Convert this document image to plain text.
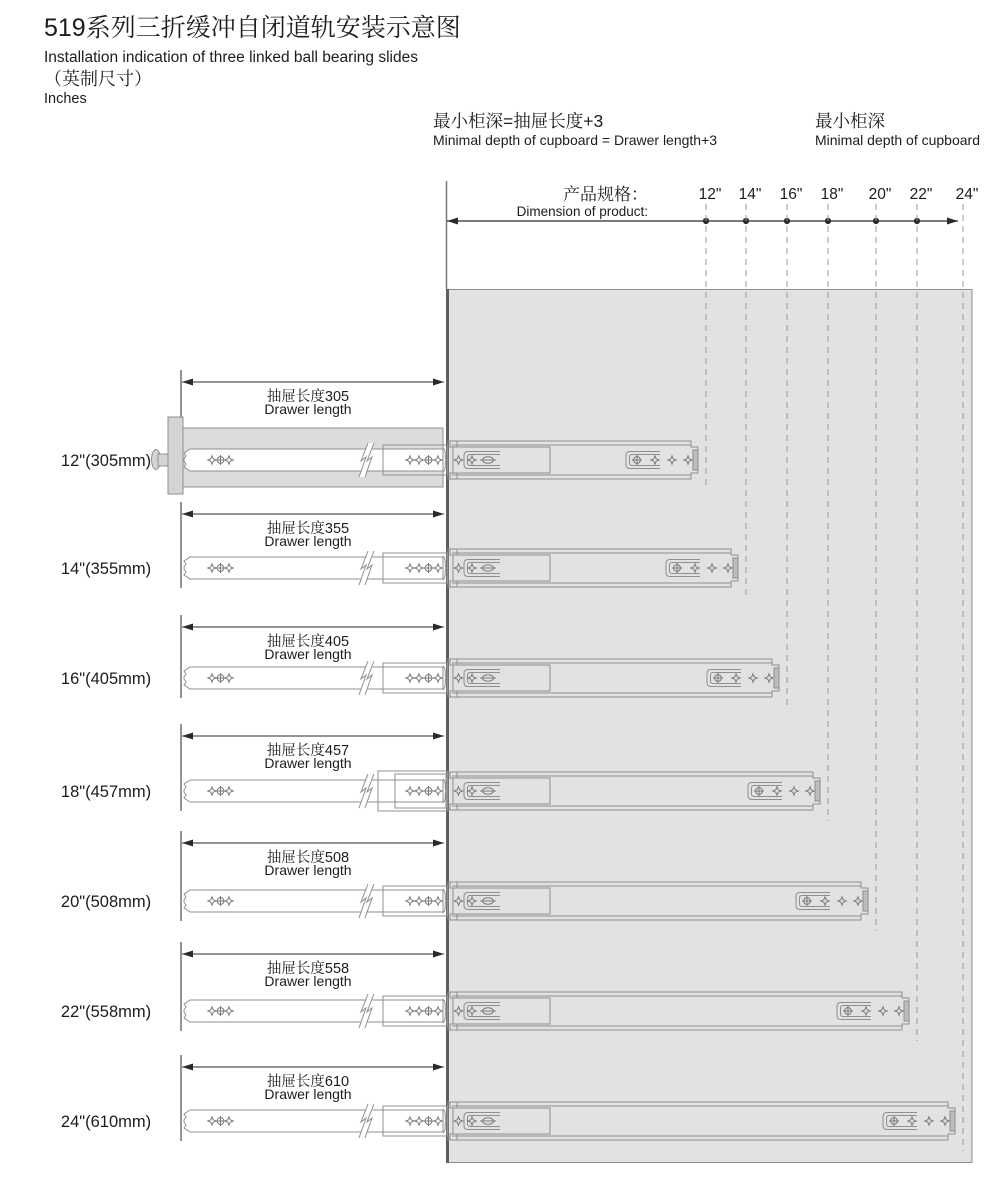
12" 14" 16" 18" 20" 22" 24"
抽屉长度305
Drawer length
12"(305mm)
抽屉长度355
Drawer length
14"(355mm)
抽屉长度405
Drawer length
16"(405mm)
抽屉长度457
Drawer length
18"(457mm)
抽屉长度508
Drawer length
20"(508mm)
抽屉长度558
Drawer length
22"(558mm)
抽屉长度610
Drawer length
24"(610mm)
519系列三折缓冲自闭道轨安装示意图
Installation indication of three linked ball bearing slides
（英制尺寸）
Inches
最小柜深=抽屉长度+3
Minimal depth of cupboard = Drawer length+3
最小柜深
Minimal depth of cupboard
产品规格：
Dimension of product:
